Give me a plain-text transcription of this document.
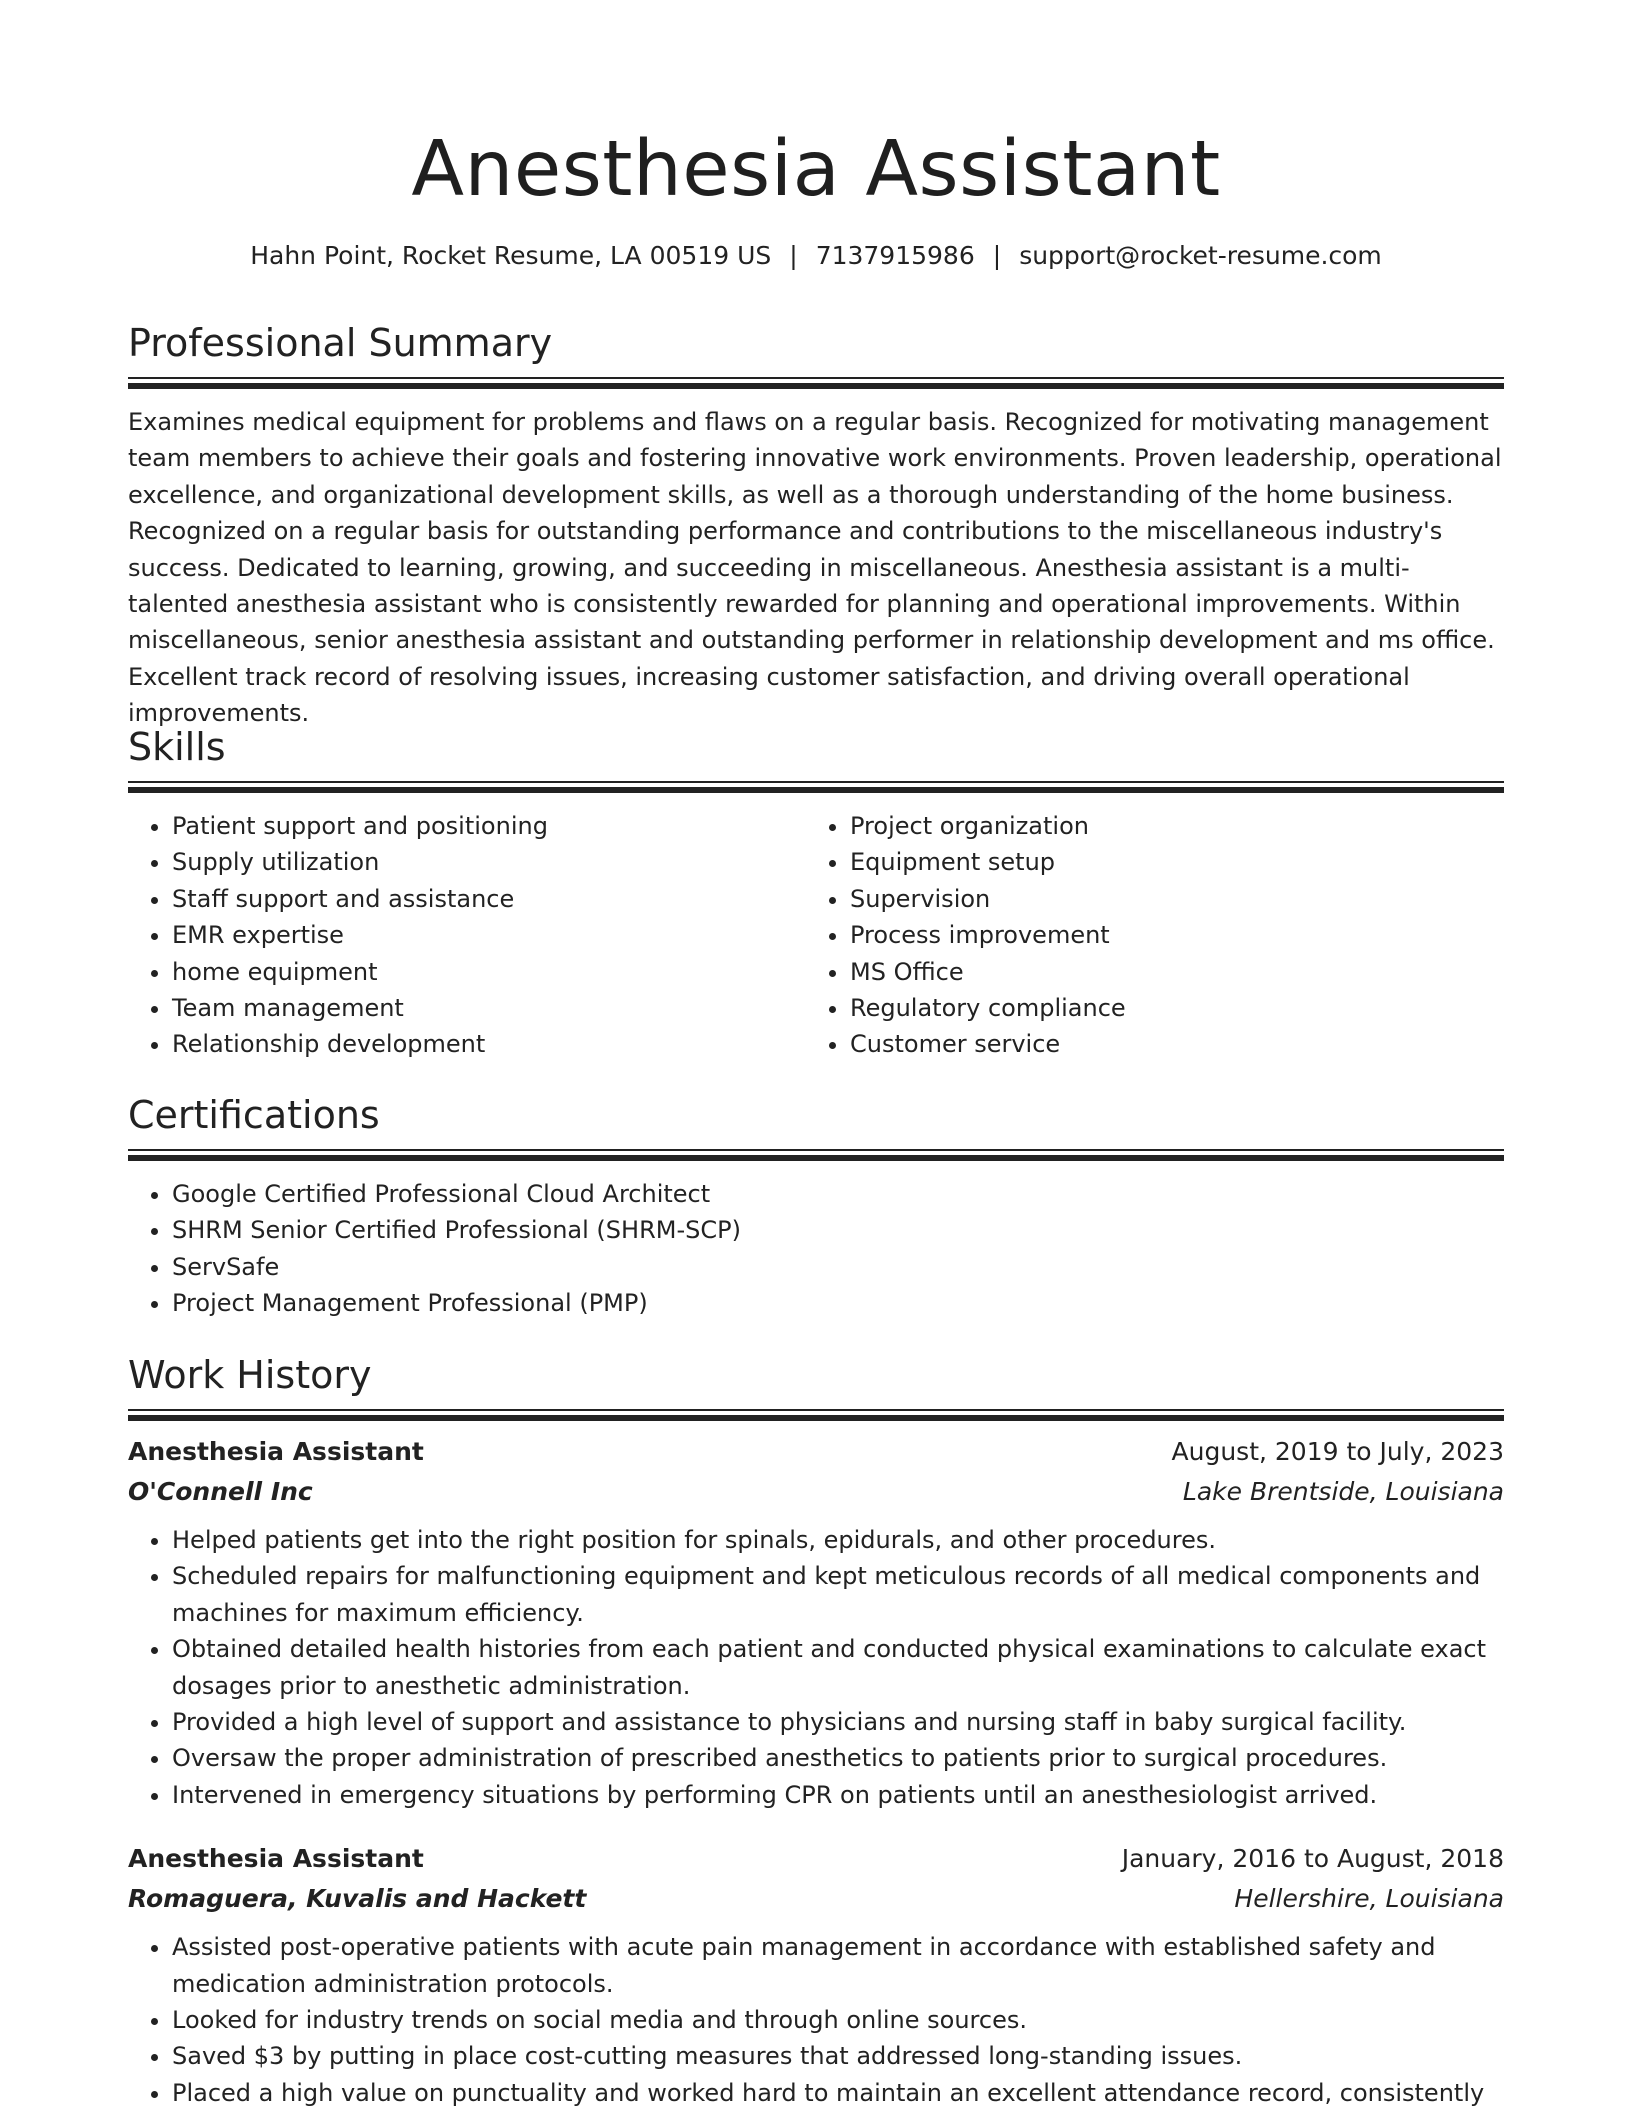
Anesthesia Assistant
Hahn Point, Rocket Resume, LA 00519 US | 7137915986 | support@rocket-resume.com
Professional Summary

Examines medical equipment for problems and flaws on a regular basis. Recognized for motivating management team members to achieve their goals and fostering innovative work environments. Proven leadership, operational excellence, and organizational development skills, as well as a thorough understanding of the home business. Recognized on a regular basis for outstanding performance and contributions to the miscellaneous industry's success. Dedicated to learning, growing, and succeeding in miscellaneous. Anesthesia assistant is a multi-talented anesthesia assistant who is consistently rewarded for planning and operational improvements. Within miscellaneous, senior anesthesia assistant and outstanding performer in relationship development and ms office. Excellent track record of resolving issues, increasing customer satisfaction, and driving overall operational improvements.

Skills
• Patient support and positioning
• Supply utilization
• Staff support and assistance
• EMR expertise
• home equipment
• Team management
• Relationship development
• Project organization
• Equipment setup
• Supervision
• Process improvement
• MS Office
• Regulatory compliance
• Customer service
Certifications
• Google Certified Professional Cloud Architect
• SHRM Senior Certified Professional (SHRM-SCP)
• ServSafe
• Project Management Professional (PMP)
Work History
Anesthesia Assistant	August, 2019 to July, 2023
O'Connell Inc	Lake Brentside, Louisiana
• Helped patients get into the right position for spinals, epidurals, and other procedures.
• Scheduled repairs for malfunctioning equipment and kept meticulous records of all medical components and machines for maximum efficiency.
• Obtained detailed health histories from each patient and conducted physical examinations to calculate exact dosages prior to anesthetic administration.
• Provided a high level of support and assistance to physicians and nursing staff in baby surgical facility.
• Oversaw the proper administration of prescribed anesthetics to patients prior to surgical procedures.
• Intervened in emergency situations by performing CPR on patients until an anesthesiologist arrived.
Anesthesia Assistant	January, 2016 to August, 2018
Romaguera, Kuvalis and Hackett	Hellershire, Louisiana
• Assisted post-operative patients with acute pain management in accordance with established safety and medication administration protocols.
• Looked for industry trends on social media and through online sources.
• Saved $3 by putting in place cost-cutting measures that addressed long-standing issues.
• Placed a high value on punctuality and worked hard to maintain an excellent attendance record, consistently
